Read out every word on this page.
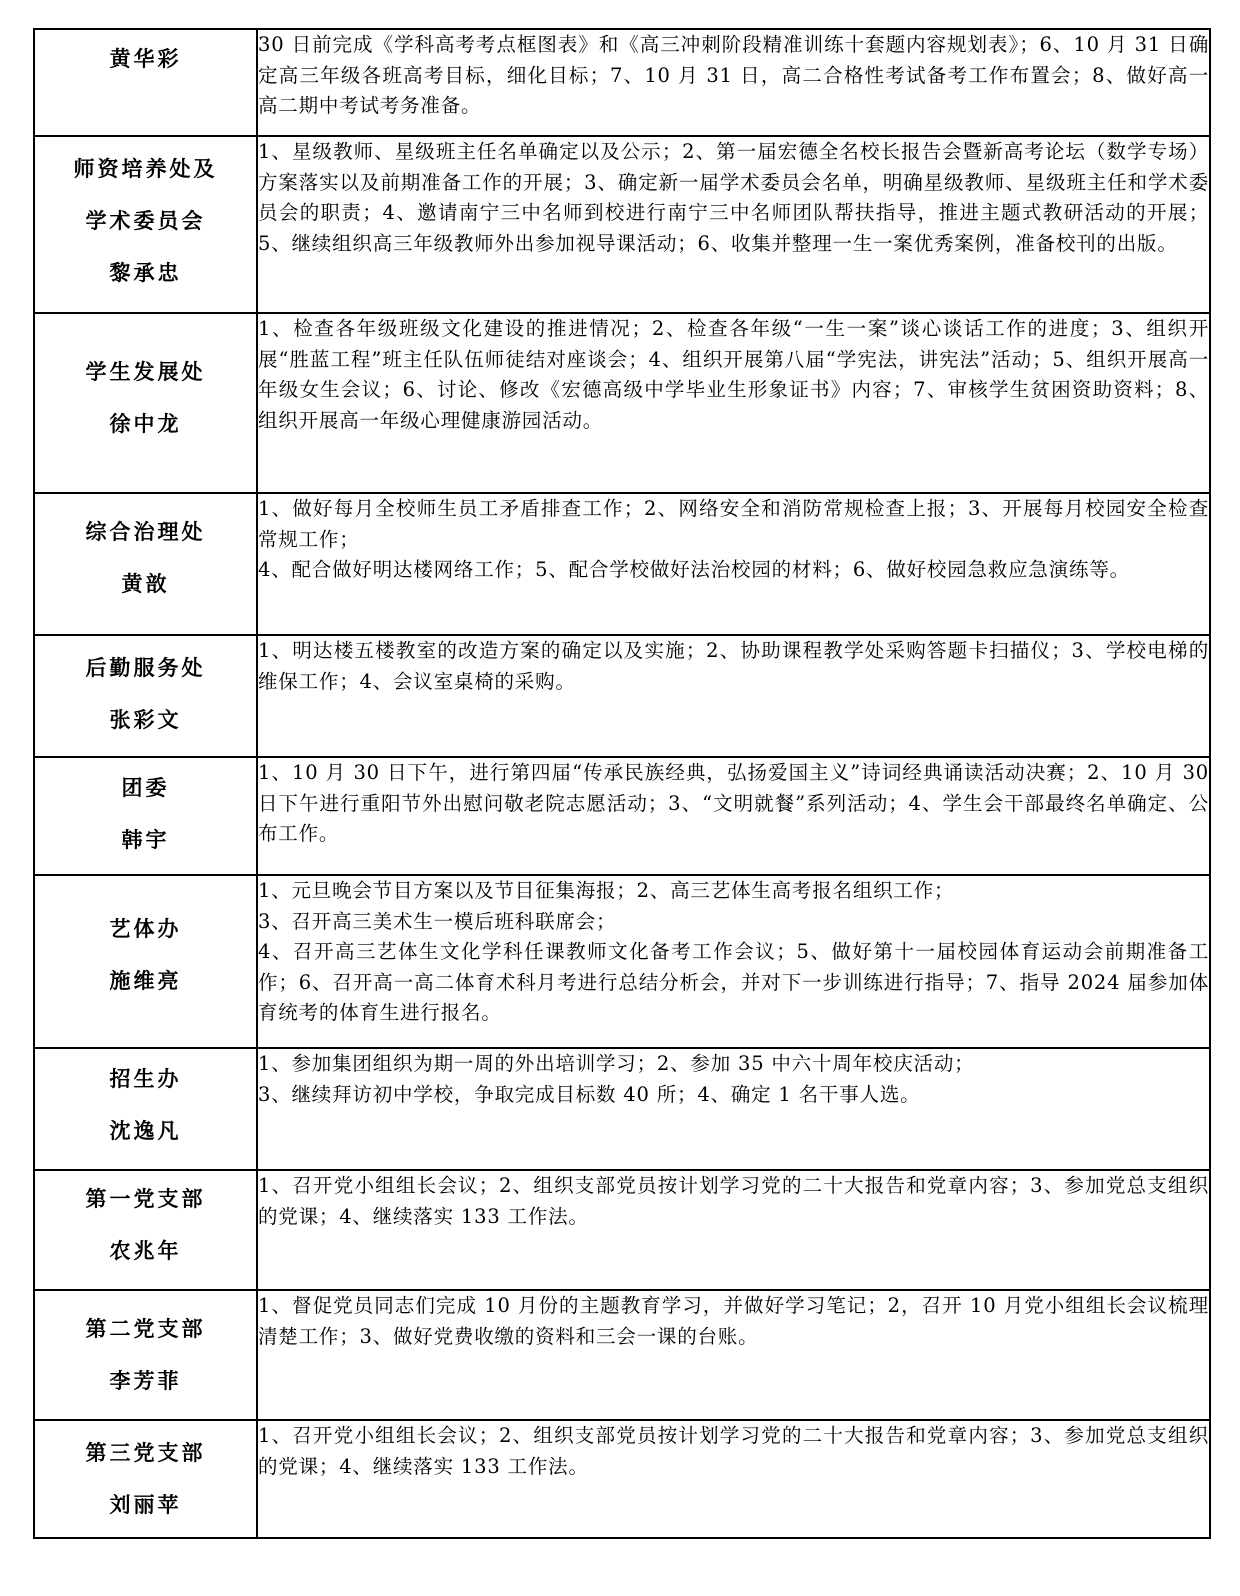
黄华彩	30 日前完成《学科高考考点框图表》和《高三冲刺阶段精准训练十套题内容规划表》；6、10 月 31 日确定高三年级各班高考目标，细化目标；7、10 月 31 日，高二合格性考试备考工作布置会；8、做好高一高二期中考试考务准备。

师资培养处及
学术委员会
黎承忠	1、星级教师、星级班主任名单确定以及公示；2、第一届宏德全名校长报告会暨新高考论坛（数学专场）方案落实以及前期准备工作的开展；3、确定新一届学术委员会名单，明确星级教师、星级班主任和学术委员会的职责；4、邀请南宁三中名师到校进行南宁三中名师团队帮扶指导，推进主题式教研活动的开展；5、继续组织高三年级教师外出参加视导课活动；6、收集并整理一生一案优秀案例，准备校刊的出版。

学生发展处
徐中龙	1、检查各年级班级文化建设的推进情况；2、检查各年级“一生一案”谈心谈话工作的进度；3、组织开展“胜蓝工程”班主任队伍师徒结对座谈会；4、组织开展第八届“学宪法，讲宪法”活动；5、组织开展高一年级女生会议；6、讨论、修改《宏德高级中学毕业生形象证书》内容；7、审核学生贫困资助资料；8、组织开展高一年级心理健康游园活动。

综合治理处
黄敨	1、做好每月全校师生员工矛盾排查工作；2、网络安全和消防常规检查上报；3、开展每月校园安全检查常规工作；
4、配合做好明达楼网络工作；5、配合学校做好法治校园的材料；6、做好校园急救应急演练等。

后勤服务处
张彩文	1、明达楼五楼教室的改造方案的确定以及实施；2、协助课程教学处采购答题卡扫描仪；3、学校电梯的维保工作；4、会议室桌椅的采购。

团委
韩宇	1、10 月 30 日下午，进行第四届“传承民族经典，弘扬爱国主义”诗词经典诵读活动决赛；2、10 月 30 日下午进行重阳节外出慰问敬老院志愿活动；3、“文明就餐”系列活动；4、学生会干部最终名单确定、公布工作。

艺体办
施维亮	1、元旦晚会节目方案以及节目征集海报；2、高三艺体生高考报名组织工作；
3、召开高三美术生一模后班科联席会；
4、召开高三艺体生文化学科任课教师文化备考工作会议；5、做好第十一届校园体育运动会前期准备工作；6、召开高一高二体育术科月考进行总结分析会，并对下一步训练进行指导；7、指导 2024 届参加体育统考的体育生进行报名。

招生办
沈逸凡	1、参加集团组织为期一周的外出培训学习；2、参加 35 中六十周年校庆活动；
3、继续拜访初中学校，争取完成目标数 40 所；4、确定 1 名干事人选。

第一党支部
农兆年	1、召开党小组组长会议；2、组织支部党员按计划学习党的二十大报告和党章内容；3、参加党总支组织的党课；4、继续落实 133 工作法。

第二党支部
李芳菲	1、督促党员同志们完成 10 月份的主题教育学习，并做好学习笔记；2，召开 10 月党小组组长会议梳理清楚工作；3、做好党费收缴的资料和三会一课的台账。

第三党支部
刘丽苹	1、召开党小组组长会议；2、组织支部党员按计划学习党的二十大报告和党章内容；3、参加党总支组织的党课；4、继续落实 133 工作法。
